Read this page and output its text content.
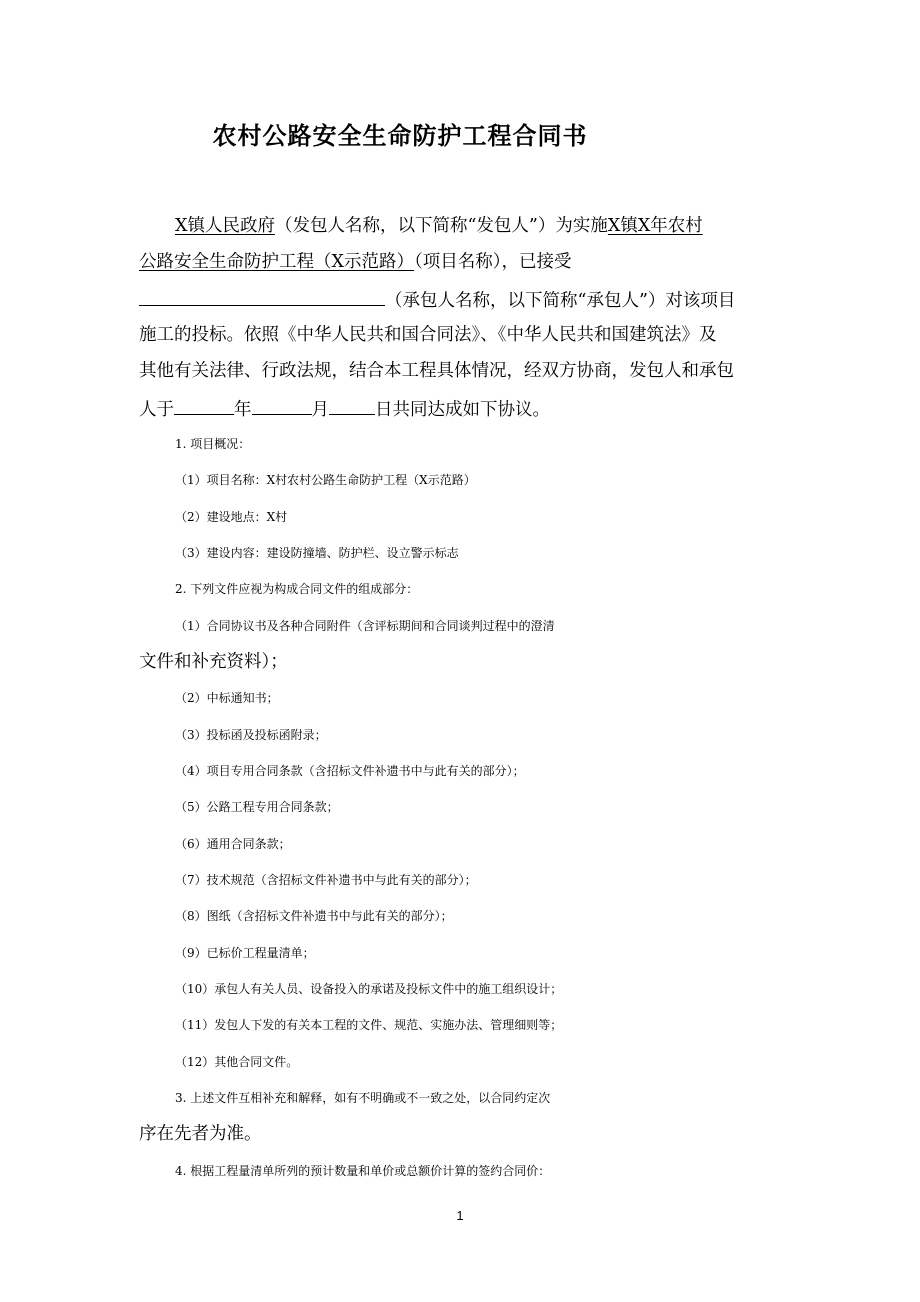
农村公路安全生命防护工程合同书
X镇人民政府（发包人名称，以下简称“发包人”）为实施X镇X年农村
公路安全生命防护工程（X示范路）（项目名称），已接受
（承包人名称，以下简称“承包人”）对该项目
施工的投标。依照《中华人民共和国合同法》、《中华人民共和国建筑法》及
其他有关法律、行政法规，结合本工程具体情况，经双方协商，发包人和承包
人于	年	月	日共同达成如下协议。
1. 项目概况：
（1）项目名称：X村农村公路生命防护工程（X示范路）
（2）建设地点：X村
（3）建设内容：建设防撞墙、防护栏、设立警示标志
2. 下列文件应视为构成合同文件的组成部分：
（1）合同协议书及各种合同附件（含评标期间和合同谈判过程中的澄清
文件和补充资料）；
（2）中标通知书；
（3）投标函及投标函附录；
（4）项目专用合同条款（含招标文件补遗书中与此有关的部分）；
（5）公路工程专用合同条款；
（6）通用合同条款；
（7）技术规范（含招标文件补遗书中与此有关的部分）；
（8）图纸（含招标文件补遗书中与此有关的部分）；
（9）已标价工程量清单；
（10）承包人有关人员、设备投入的承诺及投标文件中的施工组织设计；
（11）发包人下发的有关本工程的文件、规范、实施办法、管理细则等；
（12）其他合同文件。
3. 上述文件互相补充和解释，如有不明确或不一致之处，以合同约定次
序在先者为准。
4. 根据工程量清单所列的预计数量和单价或总额价计算的签约合同价：
1
